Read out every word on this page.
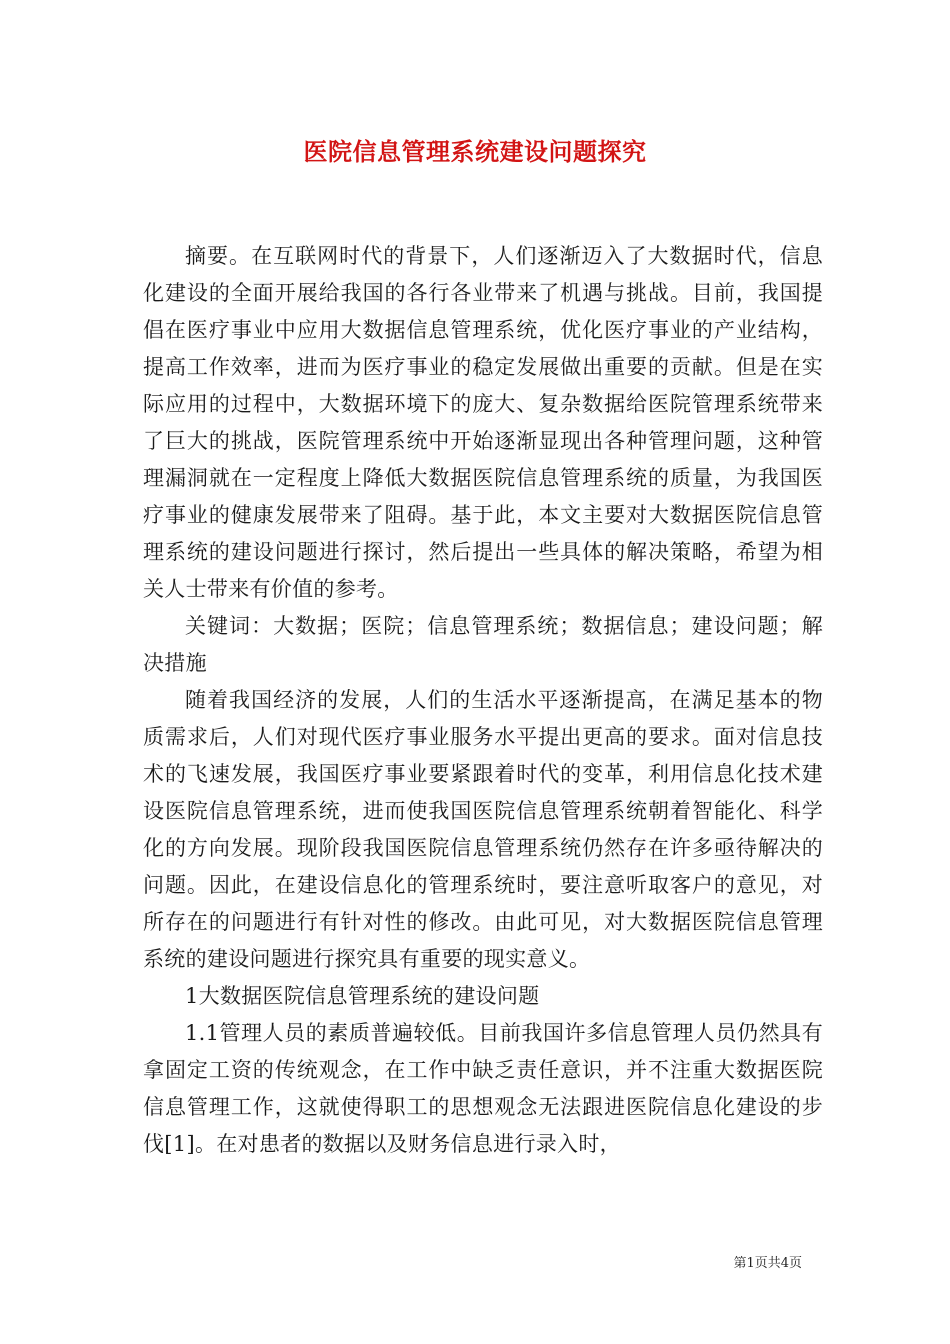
医院信息管理系统建设问题探究

摘要。在互联网时代的背景下，人们逐渐迈入了大数据时代，信息化建设的全面开展给我国的各行各业带来了机遇与挑战。目前，我国提倡在医疗事业中应用大数据信息管理系统，优化医疗事业的产业结构，提高工作效率，进而为医疗事业的稳定发展做出重要的贡献。但是在实际应用的过程中，大数据环境下的庞大、复杂数据给医院管理系统带来了巨大的挑战，医院管理系统中开始逐渐显现出各种管理问题，这种管理漏洞就在一定程度上降低大数据医院信息管理系统的质量，为我国医疗事业的健康发展带来了阻碍。基于此，本文主要对大数据医院信息管理系统的建设问题进行探讨，然后提出一些具体的解决策略，希望为相关人士带来有价值的参考。

关键词：大数据；医院；信息管理系统；数据信息；建设问题；解决措施

随着我国经济的发展，人们的生活水平逐渐提高，在满足基本的物质需求后，人们对现代医疗事业服务水平提出更高的要求。面对信息技术的飞速发展，我国医疗事业要紧跟着时代的变革，利用信息化技术建设医院信息管理系统，进而使我国医院信息管理系统朝着智能化、科学化的方向发展。现阶段我国医院信息管理系统仍然存在许多亟待解决的问题。因此，在建设信息化的管理系统时，要注意听取客户的意见，对所存在的问题进行有针对性的修改。由此可见，对大数据医院信息管理系统的建设问题进行探究具有重要的现实意义。

1大数据医院信息管理系统的建设问题

1.1管理人员的素质普遍较低。目前我国许多信息管理人员仍然具有拿固定工资的传统观念，在工作中缺乏责任意识，并不注重大数据医院信息管理工作，这就使得职工的思想观念无法跟进医院信息化建设的步伐[1]。在对患者的数据以及财务信息进行录入时，

第1页共4页
